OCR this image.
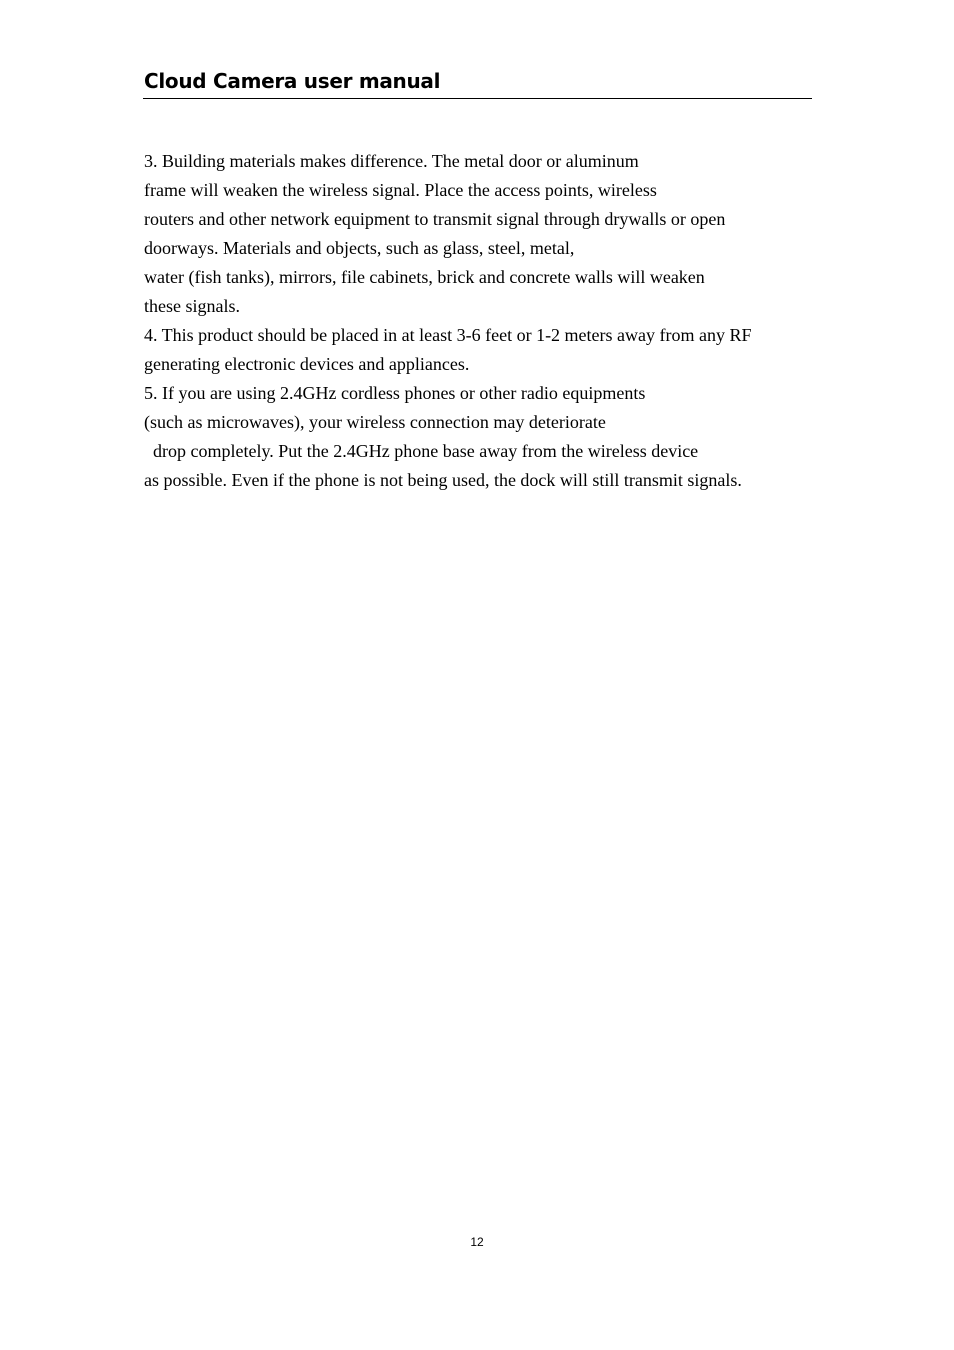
Cloud Camera user manual
3. Building materials makes difference. The metal door or aluminum
frame will weaken the wireless signal. Place the access points, wireless
routers and other network equipment to transmit signal through drywalls or open
doorways. Materials and objects, such as glass, steel, metal,
water (fish tanks), mirrors, file cabinets, brick and concrete walls will weaken
these signals.
4. This product should be placed in at least 3-6 feet or 1-2 meters away from any RF
generating electronic devices and appliances.
5. If you are using 2.4GHz cordless phones or other radio equipments
(such as microwaves), your wireless connection may deteriorate
drop completely. Put the 2.4GHz phone base away from the wireless device
as possible. Even if the phone is not being used, the dock will still transmit signals.
12
